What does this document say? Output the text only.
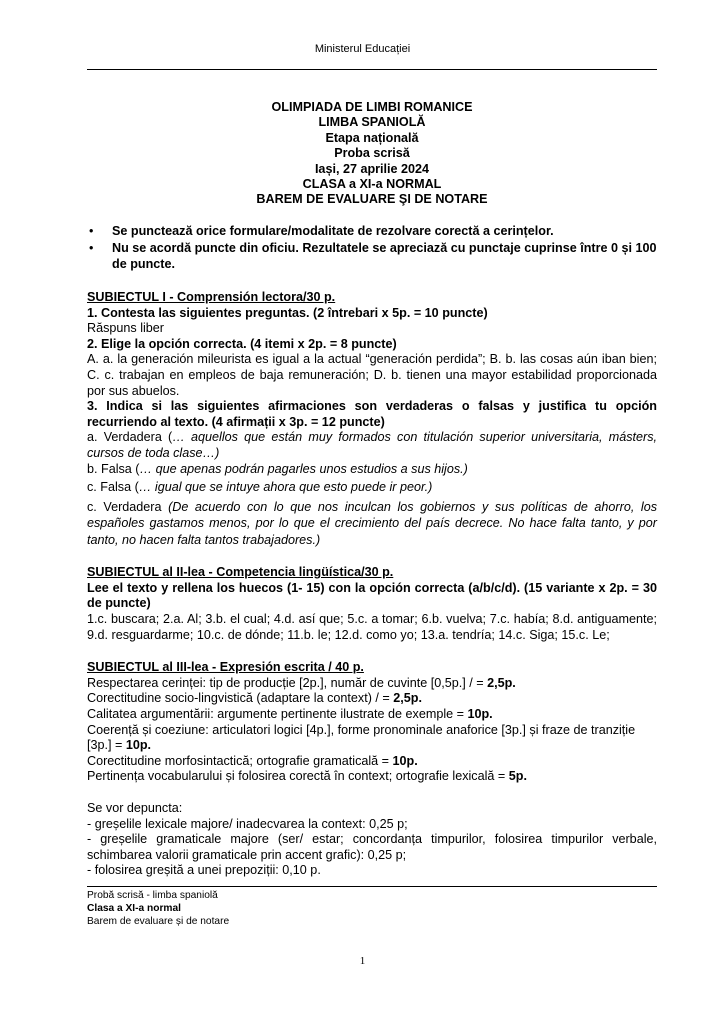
Ministerul Educației
OLIMPIADA DE LIMBI ROMANICE
LIMBA SPANIOLĂ
Etapa națională
Proba scrisă
Iași, 27 aprilie 2024
CLASA a XI-a NORMAL
BAREM DE EVALUARE ŞI DE NOTARE
• Se punctează orice formulare/modalitate de rezolvare corectă a cerințelor.
• Nu se acordă puncte din oficiu. Rezultatele se apreciază cu punctaje cuprinse între 0 și 100 de puncte.

SUBIECTUL I - Comprensión lectora/30 p.

1. Contesta las siguientes preguntas. (2 întrebari x 5p. = 10 puncte)

Răspuns liber

2. Elige la opción correcta. (4 itemi x 2p. = 8 puncte)

A. a. la generación mileurista es igual a la actual “generación perdida”; B. b. las cosas aún iban bien; C. c. trabajan en empleos de baja remuneración; D. b. tienen una mayor estabilidad proporcionada por sus abuelos.

3. Indica si las siguientes afirmaciones son verdaderas o falsas y justifica tu opción recurriendo al texto. (4 afirmații x 3p. = 12 puncte)

a. Verdadera (… aquellos que están muy formados con titulación superior universitaria, másters, cursos de toda clase…)

b. Falsa (… que apenas podrán pagarles unos estudios a sus hijos.)

c. Falsa (… igual que se intuye ahora que esto puede ir peor.)

c. Verdadera (De acuerdo con lo que nos inculcan los gobiernos y sus políticas de ahorro, los españoles gastamos menos, por lo que el crecimiento del país decrece. No hace falta tanto, y por tanto, no hacen falta tantos trabajadores.)

SUBIECTUL al II-lea - Competencia lingüística/30 p.

Lee el texto y rellena los huecos (1- 15) con la opción correcta (a/b/c/d). (15 variante x 2p. = 30 de puncte)

1.c. buscara; 2.a. Al; 3.b. el cual; 4.d. así que; 5.c. a tomar; 6.b. vuelva; 7.c. había; 8.d. antiguamente; 9.d. resguardarme; 10.c. de dónde; 11.b. le; 12.d. como yo; 13.a. tendría; 14.c. Siga; 15.c. Le;

SUBIECTUL al III-lea - Expresión escrita / 40 p.

Respectarea cerinței: tip de producție [2p.], număr de cuvinte [0,5p.] / = 2,5p.

Corectitudine socio-lingvistică (adaptare la context) / = 2,5p.

Calitatea argumentării: argumente pertinente ilustrate de exemple = 10p.

Coerență și coeziune: articulatori logici [4p.], forme pronominale anaforice [3p.] și fraze de tranziție [3p.] = 10p.

Corectitudine morfosintactică; ortografie gramaticală = 10p.

Pertinența vocabularului și folosirea corectă în context; ortografie lexicală = 5p.

Se vor depuncta:

- greșelile lexicale majore/ inadecvarea la context: 0,25 p;

- greșelile gramaticale majore (ser/ estar; concordanța timpurilor, folosirea timpurilor verbale, schimbarea valorii gramaticale prin accent grafic): 0,25 p;

- folosirea greșită a unei prepoziții: 0,10 p.

Probă scrisă - limba spaniolă
Clasa a XI-a normal
Barem de evaluare și de notare
1
